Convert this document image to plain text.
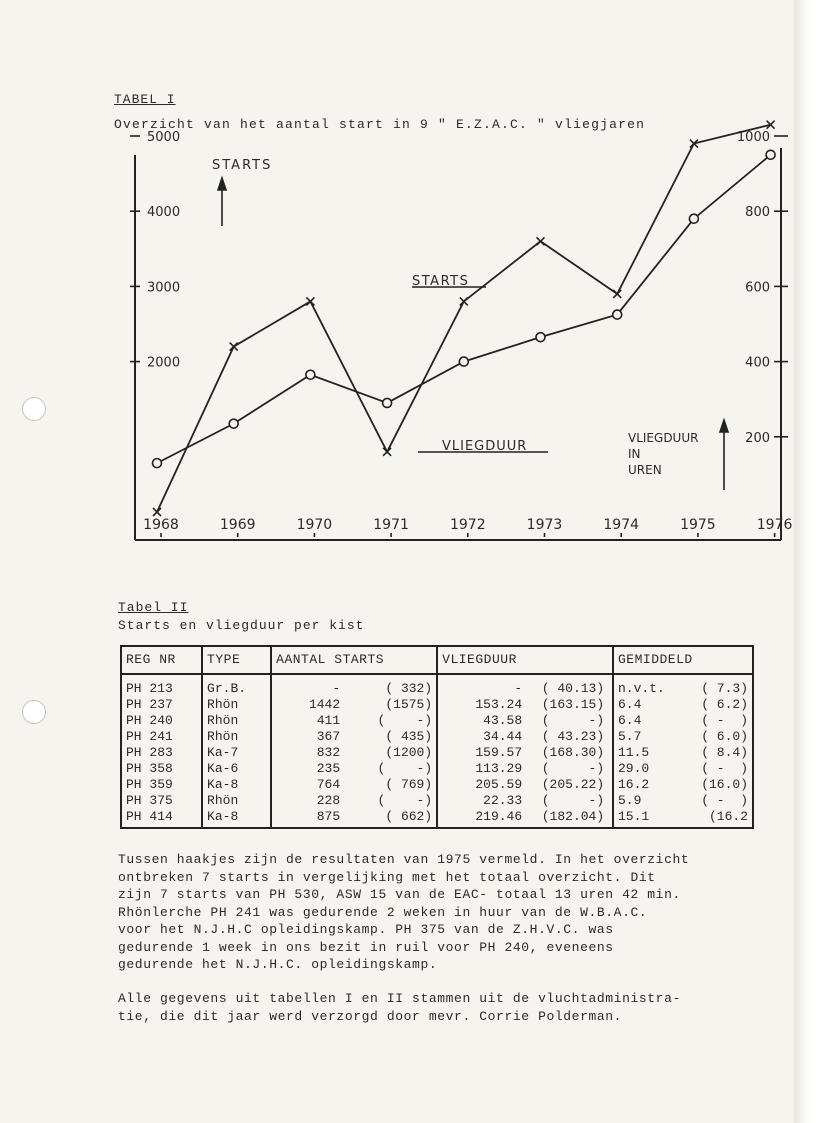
TABEL I
Overzicht van het aantal start in 9 " E.Z.A.C. " vliegjaren
STARTS
VLIEGDUUR
IN
UREN
STARTS
VLIEGDUUR
5000
4000
3000
2000
1000
800
600
400
200
1968	1969	1970	1971	1972	1973	1974	1975	1976
Tabel II
Starts en vliegduur per kist
REG NR	TYPE	AANTAL STARTS	VLIEGDUUR	GEMIDDELD
PH 213	Gr.B.	- ( 332)	- ( 40.13)	n.v.t. ( 7.3)
PH 237	Rhön	1442 (1575)	153.24 (163.15)	6.4 ( 6.2)
PH 240	Rhön	411 (    -)	43.58 (     -)	6.4 ( -  )
PH 241	Rhön	367 ( 435)	34.44 ( 43.23)	5.7 ( 6.0)
PH 283	Ka-7	832 (1200)	159.57 (168.30)	11.5 ( 8.4)
PH 358	Ka-6	235 (    -)	113.29 (     -)	29.0 ( -  )
PH 359	Ka-8	764 ( 769)	205.59 (205.22)	16.2 (16.0)
PH 375	Rhön	228 (    -)	22.33 (     -)	5.9 ( -  )
PH 414	Ka-8	875 ( 662)	219.46 (182.04)	15.1 (16.2
Tussen haakjes zijn de resultaten van 1975 vermeld. In het overzicht
ontbreken 7 starts in vergelijking met het totaal overzicht. Dit
zijn 7 starts van PH 530, ASW 15 van de EAC- totaal 13 uren 42 min.
Rhönlerche PH 241 was gedurende 2 weken in huur van de W.B.A.C.
voor het N.J.H.C opleidingskamp. PH 375 van de Z.H.V.C. was
gedurende 1 week in ons bezit in ruil voor PH 240, eveneens
gedurende het N.J.H.C. opleidingskamp.
Alle gegevens uit tabellen I en II stammen uit de vluchtadministra-
tie, die dit jaar werd verzorgd door mevr. Corrie Polderman.
